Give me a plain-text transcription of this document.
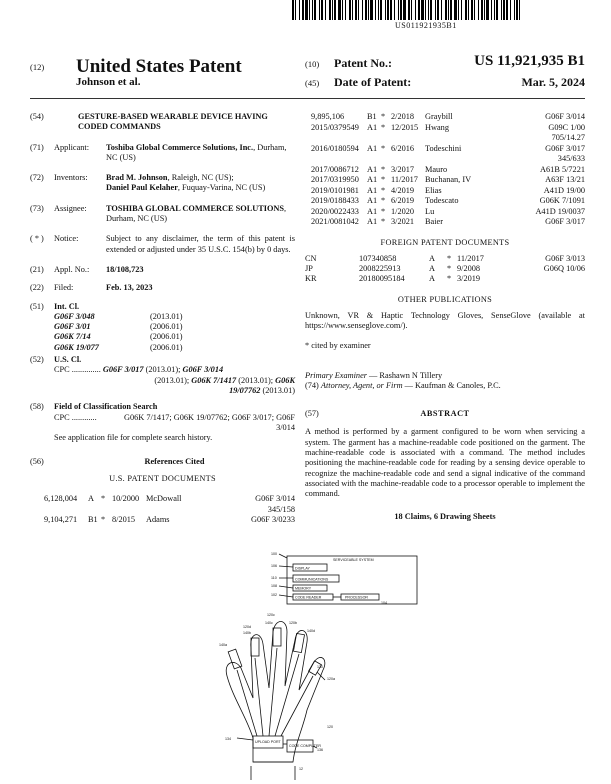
US011921935B1
(12) United States Patent
Johnson et al.
(10) Patent No.:	US 11,921,935 B1
(45) Date of Patent:	Mar. 5, 2024
(54)	GESTURE-BASED WEARABLE DEVICE HAVING CODED COMMANDS
(71)	Applicant:	Toshiba Global Commerce Solutions, Inc., Durham, NC (US)
(72)	Inventors:	Brad M. Johnson, Raleigh, NC (US);
Daniel Paul Kelaher, Fuquay-Varina, NC (US)
(73)	Assignee:	TOSHIBA GLOBAL COMMERCE SOLUTIONS, Durham, NC (US)
( * )	Notice:	Subject to any disclaimer, the term of this patent is extended or adjusted under 35 U.S.C. 154(b) by 0 days.
(21)	Appl. No.:	18/108,723
(22)	Filed:	Feb. 13, 2023
(51)	Int. Cl.
G06F 3/048	(2013.01)
G06F 3/01	(2006.01)
G06K 7/14	(2006.01)
G06K 19/077	(2006.01)
(52)	U.S. Cl.
CPC .............. G06F 3/017 (2013.01); G06F 3/014
(2013.01); G06K 7/1417 (2013.01); G06K
19/07762 (2013.01)
(58)	Field of Classification Search
CPC ............	G06K 7/1417; G06K 19/07762; G06F 3/017; G06F 3/014
See application file for complete search history.
(56)	References Cited
U.S. PATENT DOCUMENTS
6,128,004 A * 10/2000 McDowall	G06F 3/014
345/158
9,104,271 B1 * 8/2015 Adams	G06F 3/0233
9,895,106	B1 * 2/2018 Graybill	G06F 3/014
2015/0379549 A1 * 12/2015 Hwang	G09C 1/00
705/14.27
2016/0180594 A1 * 6/2016 Todeschini	G06F 3/017
345/633
2017/0086712 A1 * 3/2017 Mauro	A61B 5/7221
2017/0319950 A1 * 11/2017 Buchanan, IV	A63F 13/21
2019/0101981 A1 * 4/2019 Elias	A41D 19/00
2019/0188433 A1 * 6/2019 Todescato	G06K 7/1091
2020/0022433 A1 * 1/2020 Lu	A41D 19/0037
2021/0081042 A1 * 3/2021 Baier	G06F 3/017
FOREIGN PATENT DOCUMENTS
CN	107340858	A * 11/2017	G06F 3/013
JP	2008225913	A * 9/2008	G06Q 10/06
KR	20180095184	A * 3/2019
OTHER PUBLICATIONS
Unknown, VR & Haptic Technology Gloves, SenseGlove (available at https://www.senseglove.com/).
* cited by examiner
Primary Examiner — Rashawn N Tillery
(74) Attorney, Agent, or Firm — Kaufman & Canoles, P.C.
(57)	ABSTRACT
A method is performed by a garment configured to be worn when servicing a system. The garment has a machine-readable code positioned on the garment. The machine-readable code is associated with a command. The method includes positioning the machine-readable code for reading by a sensing device operable to recognize the machine-readable code and send a signal indicative of the command associated with the machine-readable code to a processor operable to implement the command.
18 Claims, 6 Drawing Sheets
SERVICEABLE SYSTEM
DISPLAY
COMMUNICATIONS
MEMORY
CODE READER	PROCESSOR
UPLOAD PORT
CODE COMPUTER
100
106
110
108
102
104
120
134
136
120a
120b
120c
120d
140a
140b
140c
140d
12
130
